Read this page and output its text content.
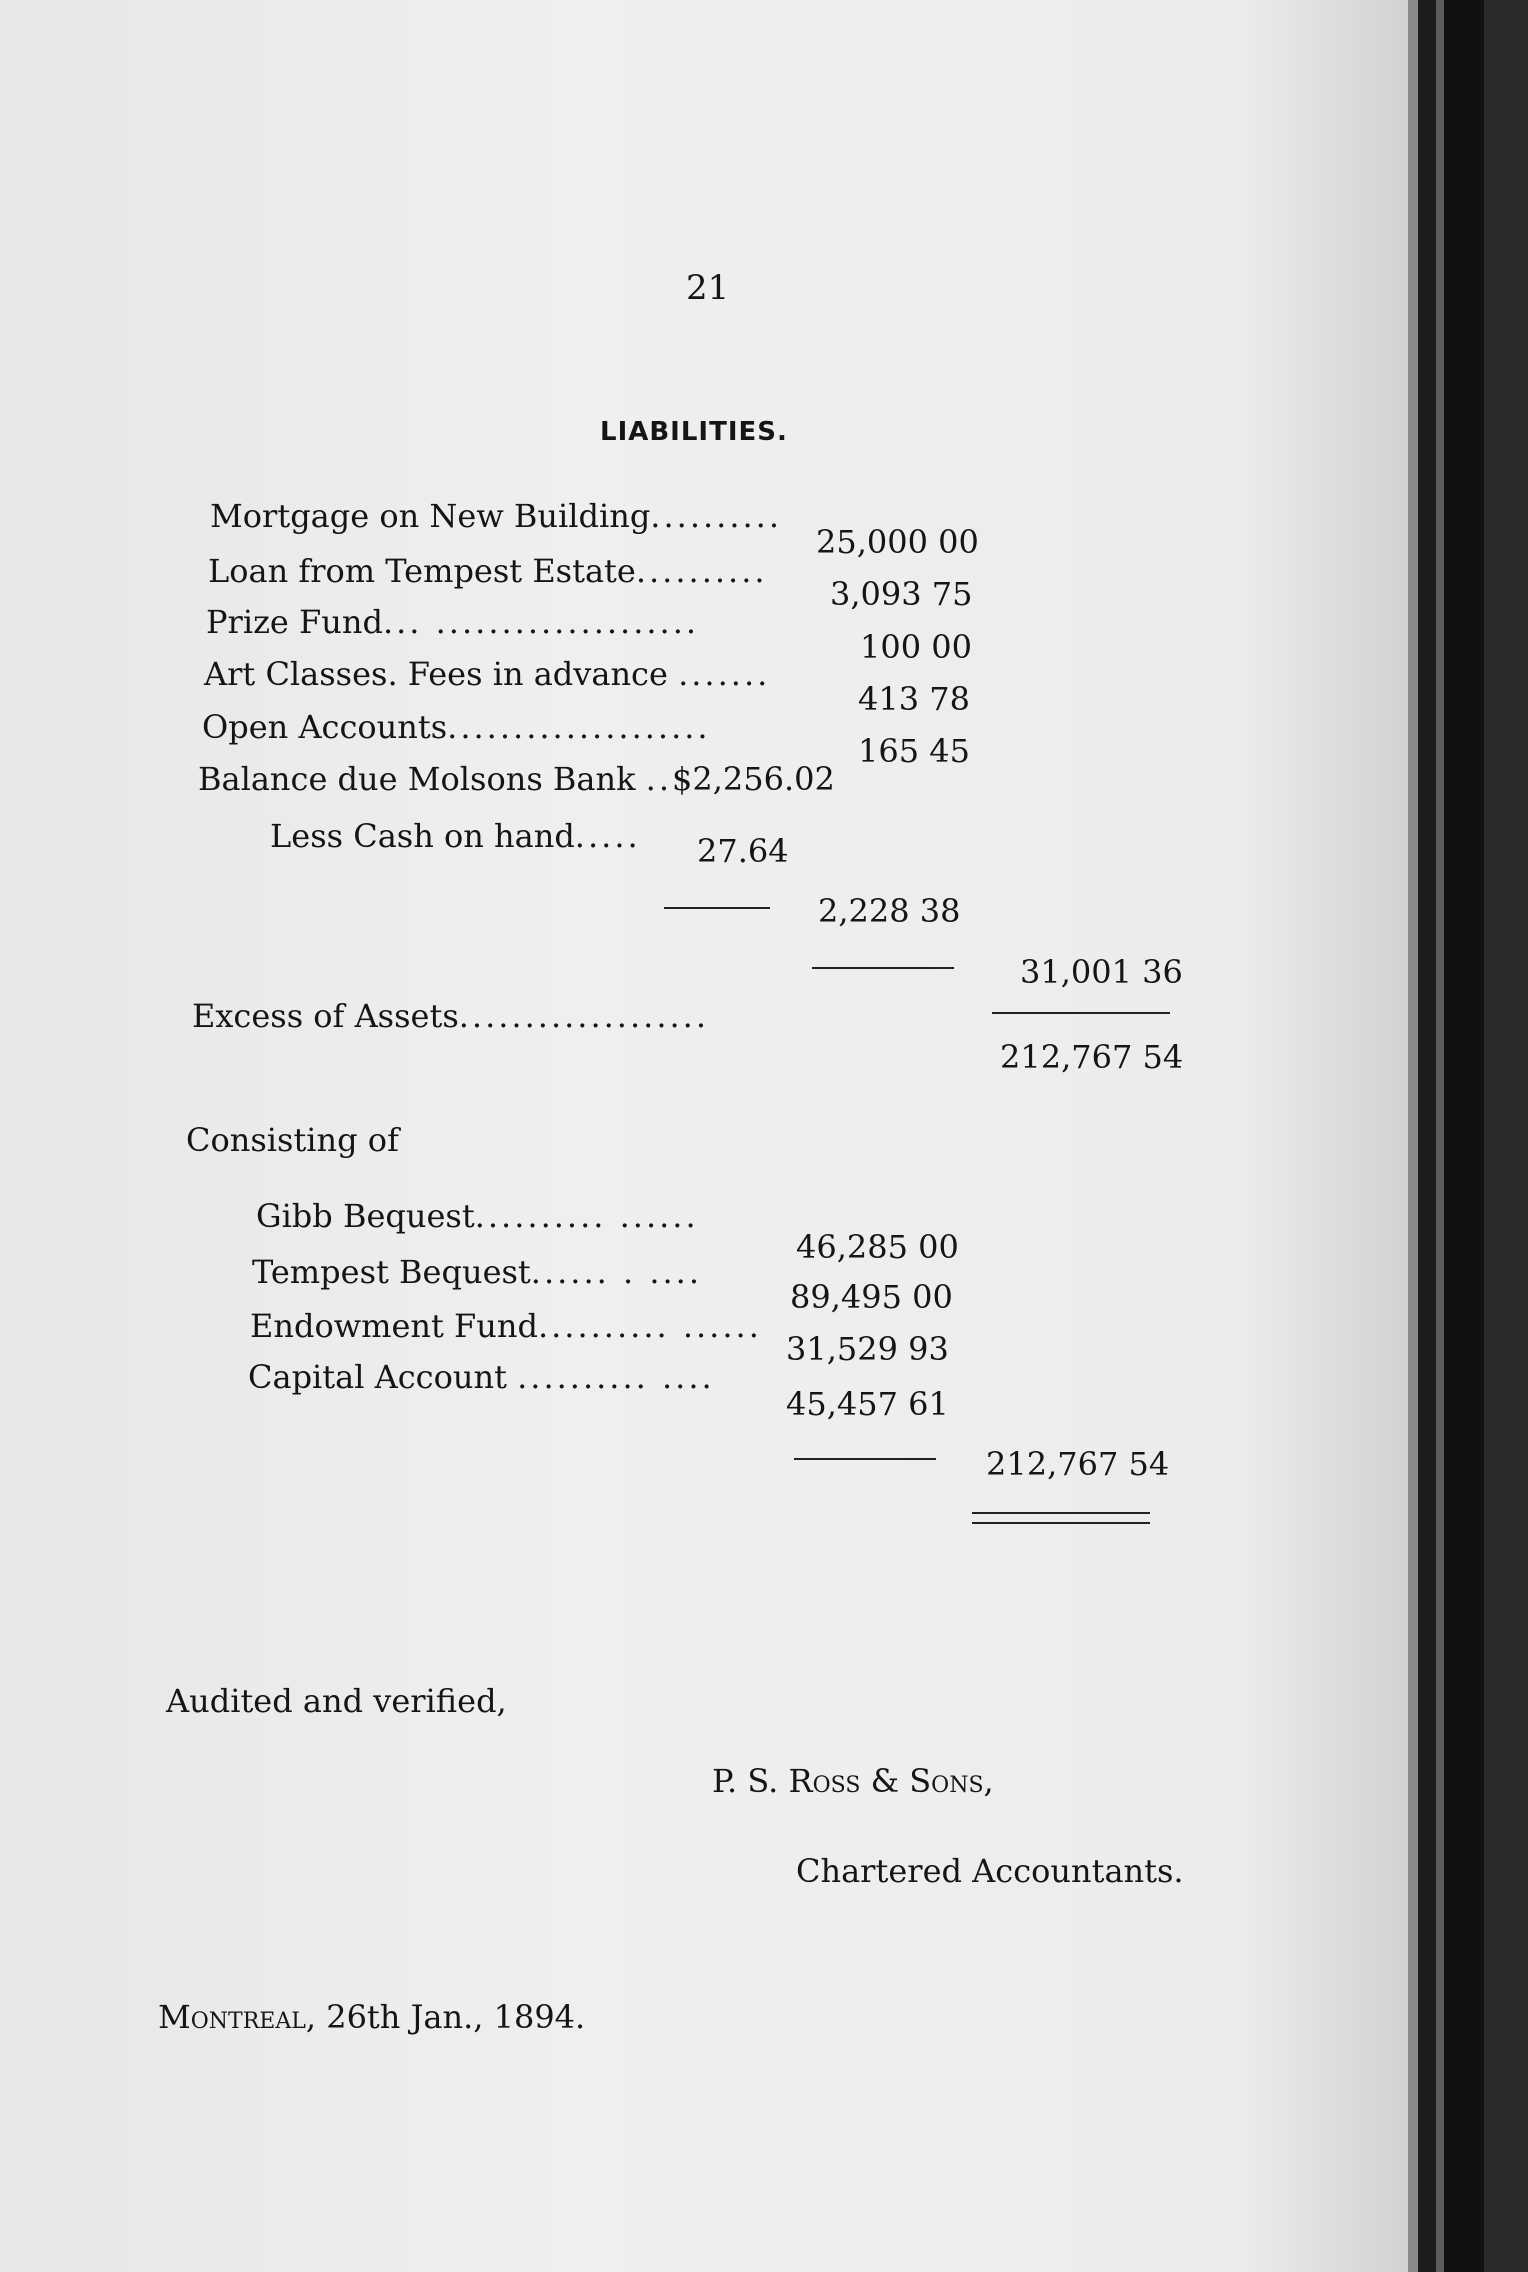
21
LIABILITIES.
Mortgage on New Building..........
25,000 00
Loan from Tempest Estate..........
3,093 75
Prize Fund... ....................
100 00
Art Classes. Fees in advance .......
413 78
Open Accounts....................
165 45
Balance due Molsons Bank ..$2,256.02
Less Cash on hand..... 27.64
2,228 38
31,001 36
Excess of Assets...................
212,767 54
Consisting of
Gibb Bequest.......... ......
46,285 00
Tempest Bequest...... . ....
89,495 00
Endowment Fund.......... ......
31,529 93
Capital Account .......... ....
45,457 61
212,767 54
Audited and verified,
P. S. Ross & Sons,
Chartered Accountants.
Montreal, 26th Jan., 1894.
